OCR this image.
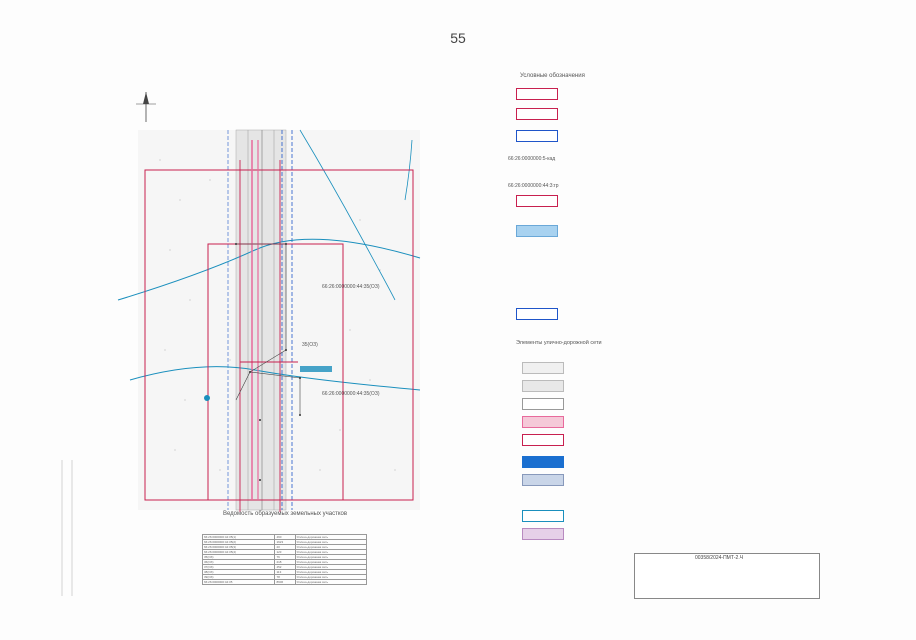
55
66:26:0000000:44:35(ОЗ)
35(ОЗ)
66:26:0000000:44:35(ОЗ)
Условные обозначения
66:26:0000000:5-кад
66:26:0000000:44:3:гр
Элементы улично-дорожной сети
Ведомость образуемых земельных участков
66:26:0000000:44:35(1)	460	Улично-дорожная сеть
66:26:0000000:44:35(2)	1623	Улично-дорожная сеть
66:26:0000000:44:35(3)	20	Улично-дорожная сеть
66:26:0000000:44:35(4)	123	Улично-дорожная сеть
35(ОЗ)	76	Улично-дорожная сеть
36(ОЗ)	218	Улично-дорожная сеть
37(ОЗ)	452	Улично-дорожная сеть
38(ОЗ)	113	Улично-дорожная сеть
39(ОЗ)	78	Улично-дорожная сеть
66:26:0000000:44:35	8606	Улично-дорожная сеть
00358/2024-ПМТ-2.Ч
